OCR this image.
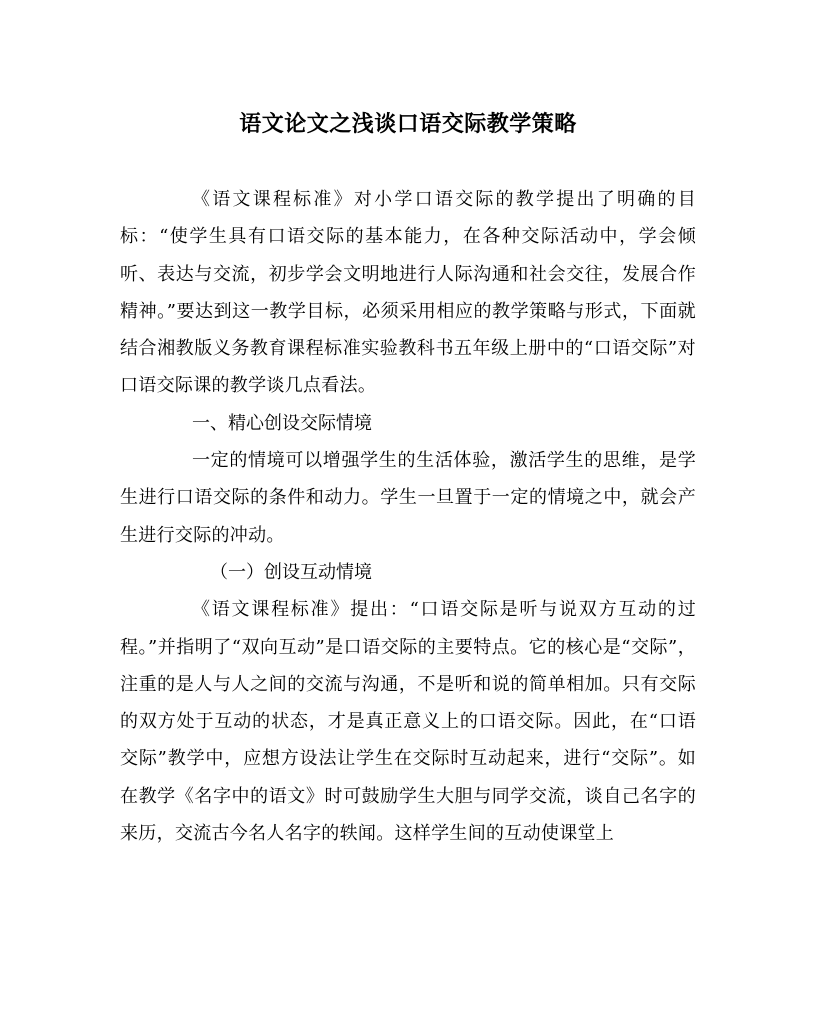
语文论文之浅谈口语交际教学策略

《语文课程标准》对小学口语交际的教学提出了明确的目标：“使学生具有口语交际的基本能力，在各种交际活动中，学会倾听、表达与交流，初步学会文明地进行人际沟通和社会交往，发展合作精神。”要达到这一教学目标，必须采用相应的教学策略与形式，下面就结合湘教版义务教育课程标准实验教科书五年级上册中的“口语交际”对口语交际课的教学谈几点看法。

一、精心创设交际情境

一定的情境可以增强学生的生活体验，激活学生的思维，是学生进行口语交际的条件和动力。学生一旦置于一定的情境之中，就会产生进行交际的冲动。

（一）创设互动情境

《语文课程标准》提出：“口语交际是听与说双方互动的过程。”并指明了“双向互动”是口语交际的主要特点。它的核心是“交际”，注重的是人与人之间的交流与沟通，不是听和说的简单相加。只有交际的双方处于互动的状态，才是真正意义上的口语交际。因此，在“口语交际”教学中，应想方设法让学生在交际时互动起来，进行“交际”。如在教学《名字中的语文》时可鼓励学生大胆与同学交流，谈自己名字的来历，交流古今名人名字的轶闻。这样学生间的互动使课堂上
